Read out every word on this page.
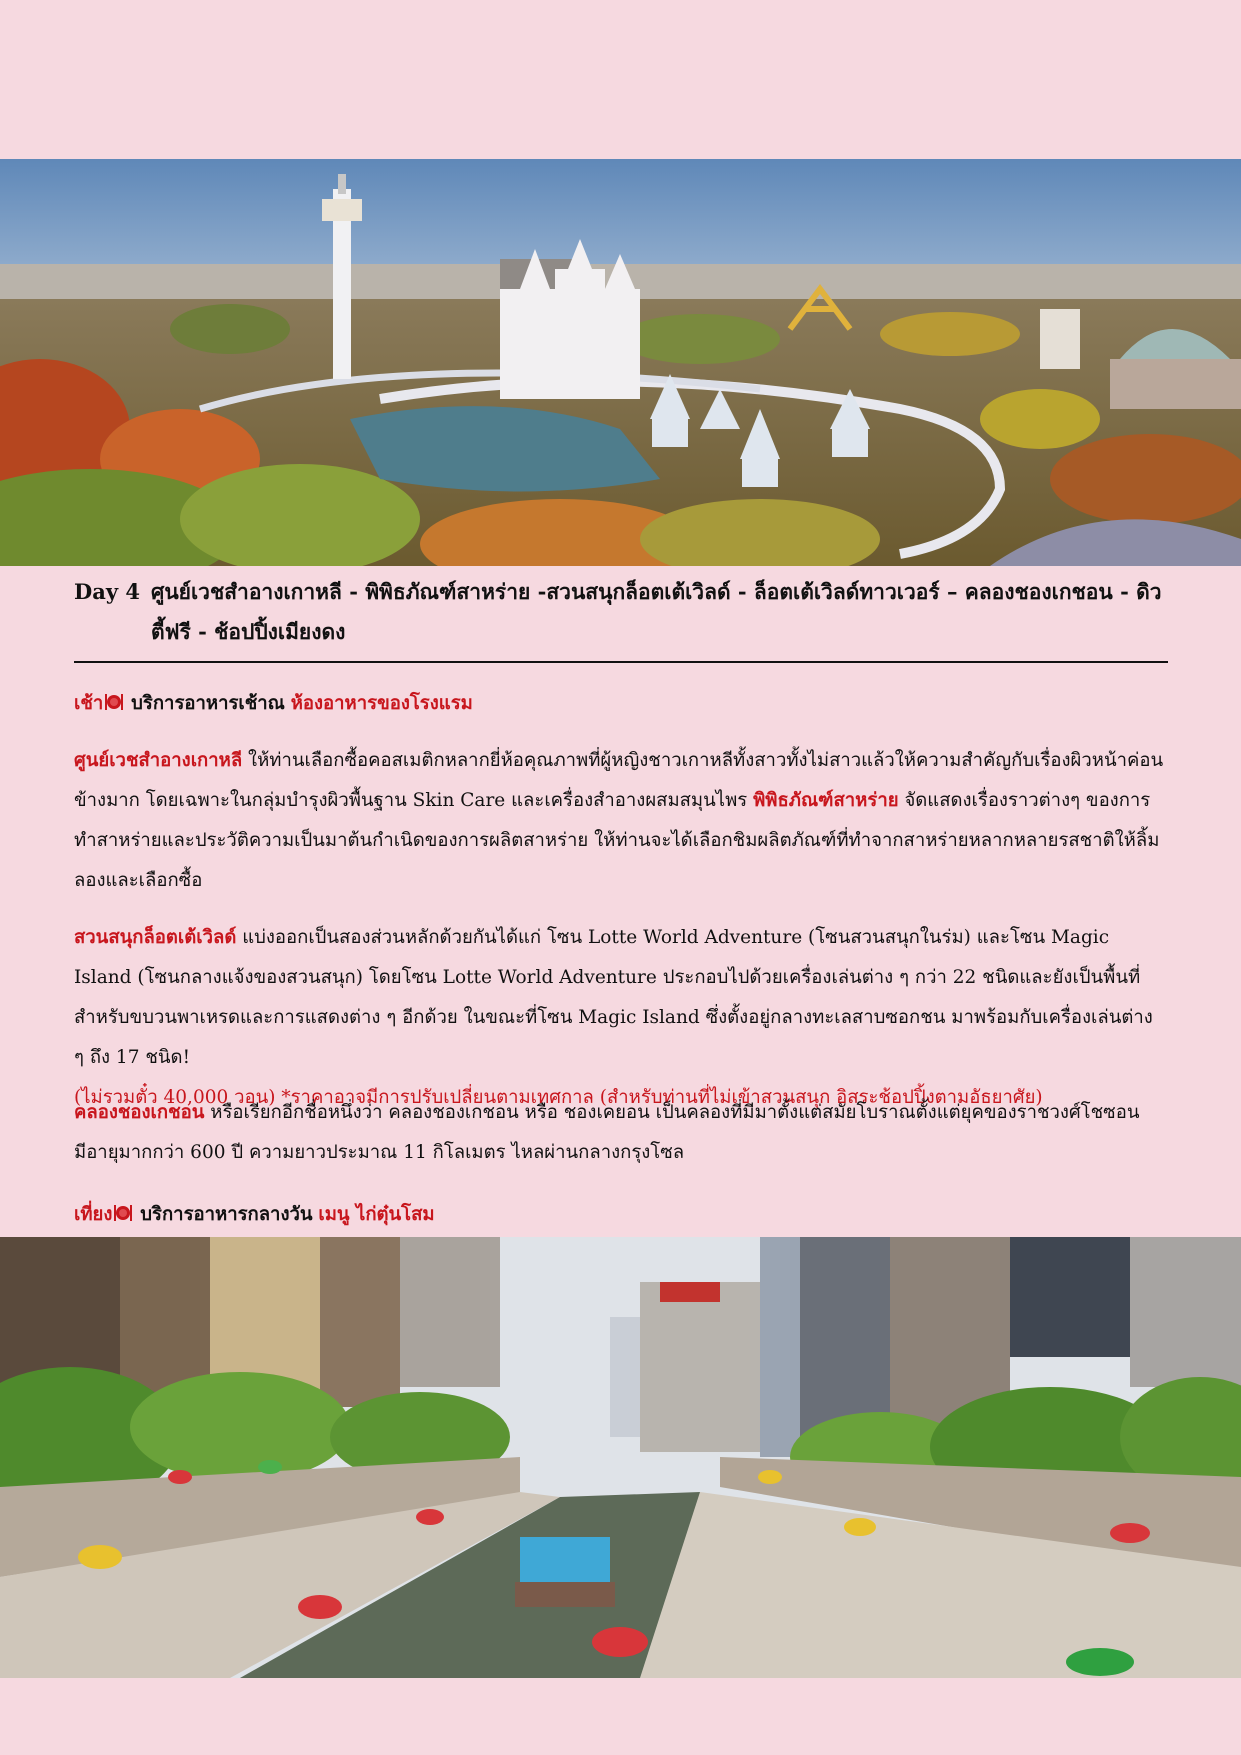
Day 4 ศูนย์เวชสำอางเกาหลี - พิพิธภัณฑ์สาหร่าย -สวนสนุกล็อตเต้เวิลด์ - ล็อตเต้เวิลด์ทาวเวอร์ – คลองชองเกชอน - ดิวตี้ฟรี - ช้อปปิ้งเมียงดง
เช้า บริการอาหารเช้าณ ห้องอาหารของโรงแรม
ศูนย์เวชสำอางเกาหลี ให้ท่านเลือกซื้อคอสเมติกหลากยี่ห้อคุณภาพที่ผู้หญิงชาวเกาหลีทั้งสาวทั้งไม่สาวแล้วให้ความสำคัญกับเรื่องผิวหน้าค่อนข้างมาก โดยเฉพาะในกลุ่มบำรุงผิวพื้นฐาน Skin Care และเครื่องสำอางผสมสมุนไพร พิพิธภัณฑ์สาหร่าย จัดแสดงเรื่องราวต่างๆ ของการทำสาหร่ายและประวัติความเป็นมาต้นกำเนิดของการผลิตสาหร่าย ให้ท่านจะได้เลือกชิมผลิตภัณฑ์ที่ทำจากสาหร่ายหลากหลายรสชาติให้ลิ้มลองและเลือกซื้อ
สวนสนุกล็อตเต้เวิลด์ แบ่งออกเป็นสองส่วนหลักด้วยกันได้แก่ โซน Lotte World Adventure (โซนสวนสนุกในร่ม) และโซน Magic Island (โซนกลางแจ้งของสวนสนุก) โดยโซน Lotte World Adventure ประกอบไปด้วยเครื่องเล่นต่าง ๆ กว่า 22 ชนิดและยังเป็นพื้นที่สำหรับขบวนพาเหรดและการแสดงต่าง ๆ อีกด้วย ในขณะที่โซน Magic Island ซึ่งตั้งอยู่กลางทะเลสาบซอกชน มาพร้อมกับเครื่องเล่นต่าง ๆ ถึง 17 ชนิด!
(ไม่รวมตั๋ว 40,000 วอน) *ราคาอาจมีการปรับเปลี่ยนตามเทศกาล (สำหรับท่านที่ไม่เข้าสวนสนุก อิสระช้อปปิ้งตามอัธยาศัย)
คลองชองเกชอน หรือเรียกอีกชื่อหนึ่งว่า คลองชองเกชอน หรือ ชองเคยอน เป็นคลองที่มีมาตั้งแต่สมัยโบราณตั้งแต่ยุคของราชวงศ์โชซอน มีอายุมากกว่า 600 ปี ความยาวประมาณ 11 กิโลเมตร ไหลผ่านกลางกรุงโซล
เที่ยง บริการอาหารกลางวัน เมนู ไก่ตุ๋นโสม
